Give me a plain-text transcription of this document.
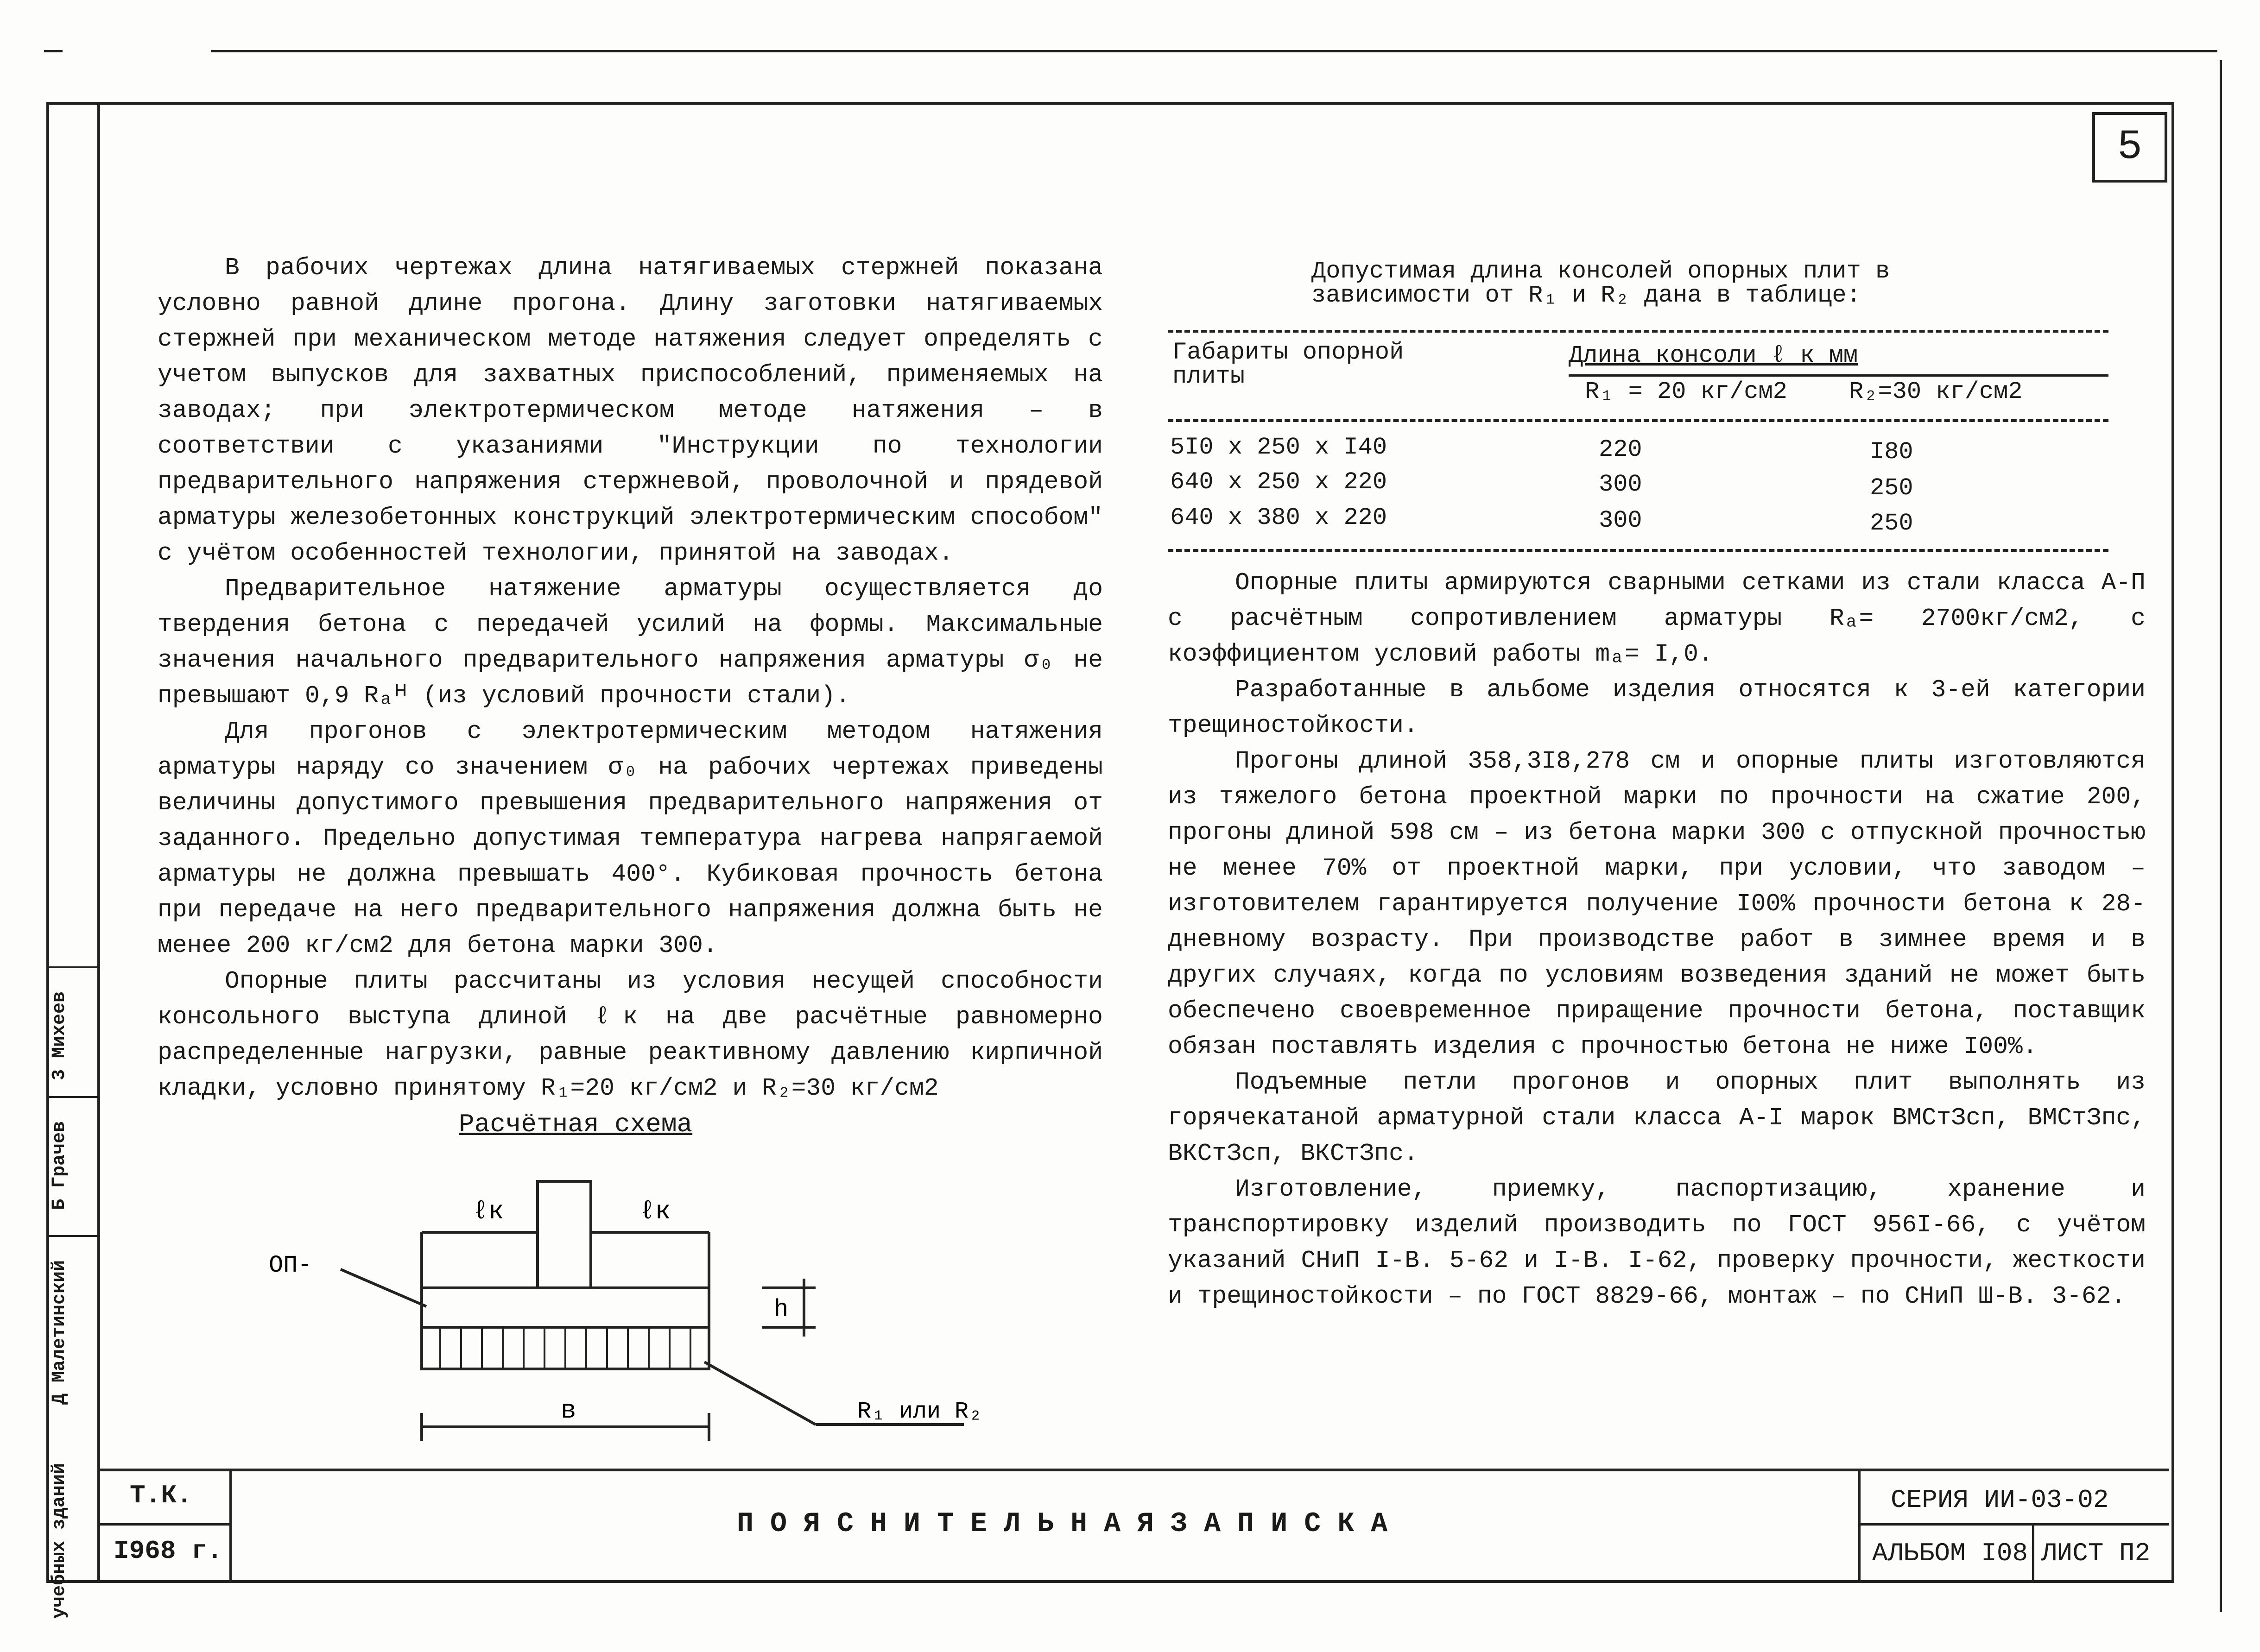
3 Михеев
Б Грачев
Д Малетинский
учебных зданий
5

В рабочих чертежах длина натягиваемых стержней показана условно равной длине прогона. Длину заготовки натягиваемых стержней при механическом методе натяжения следует определять с учетом выпусков для захватных приспособлений, применяемых на заводах; при электротермическом методе натяжения – в соответствии с указаниями "Инструкции по технологии предварительного напряжения стержневой, проволочной и прядевой арматуры железобетонных конструкций электротермическим способом" с учётом особенностей технологии, принятой на заводах.

Предварительное натяжение арматуры осуществляется до твердения бетона с передачей усилий на формы. Максимальные значения начального предварительного напряжения арматуры σ₀ не превышают 0,9 Rₐᴴ (из условий прочности стали).

Для прогонов с электротермическим методом натяжения арматуры наряду со значением σ₀ на рабочих чертежах приведены величины допустимого превышения предварительного напряжения от заданного. Предельно допустимая температура нагрева напрягаемой арматуры не должна превышать 400°. Кубиковая прочность бетона при передаче на него предварительного напряжения должна быть не менее 200 кг/см2 для бетона марки 300.

Опорные плиты рассчитаны из условия несущей способности консольного выступа длиной ℓк на две расчётные равномерно распределенные нагрузки, равные реактивному давлению кирпичной кладки, условно принятому R₁=20 кг/см2 и R₂=30 кг/см2

Расчётная схема
ℓк	ℓк
ОП-
h
в	R₁ или R₂
Допустимая длина консолей опорных плит в
зависимости от R₁ и R₂ дана в таблице:
Габариты опорной плиты
Длина консоли ℓ к мм
R₁ = 20 кг/см2	R₂=30 кг/см2
5I0 х 250 х I40	220	I80
640 х 250 х 220	300	250
640 х 380 х 220	300	250

Опорные плиты армируются сварными сетками из стали класса А-П с расчётным сопротивлением арматуры Rₐ= 2700кг/см2, с коэффициентом условий работы mₐ= I,0.

Разработанные в альбоме изделия относятся к 3-ей категории трещиностойкости.

Прогоны длиной 358,3I8,278 см и опорные плиты изготовляются из тяжелого бетона проектной марки по прочности на сжатие 200, прогоны длиной 598 см – из бетона марки 300 с отпускной прочностью не менее 70% от проектной марки, при условии, что заводом – изготовителем гарантируется получение I00% прочности бетона к 28-дневному возрасту. При производстве работ в зимнее время и в других случаях, когда по условиям возведения зданий не может быть обеспечено своевременное приращение прочности бетона, поставщик обязан поставлять изделия с прочностью бетона не ниже I00%.

Подъемные петли прогонов и опорных плит выполнять из горячекатаной арматурной стали класса А-I марок ВМСтЗсп, ВМСтЗпс, ВКСтЗсп, ВКСтЗпс.

Изготовление, приемку, паспортизацию, хранение и транспортировку изделий производить по ГОСТ 956I-66, с учётом указаний СНиП I-В. 5-62 и I-В. I-62, проверку прочности, жесткости и трещиностойкости – по ГОСТ 8829-66, монтаж – по СНиП Ш-В. 3-62.

Т.К.
I968 г.
П О Я С Н И Т Е Л Ь Н А Я З А П И С К А
СЕРИЯ ИИ-03-02
АЛЬБОМ I08 ЛИСТ П2
